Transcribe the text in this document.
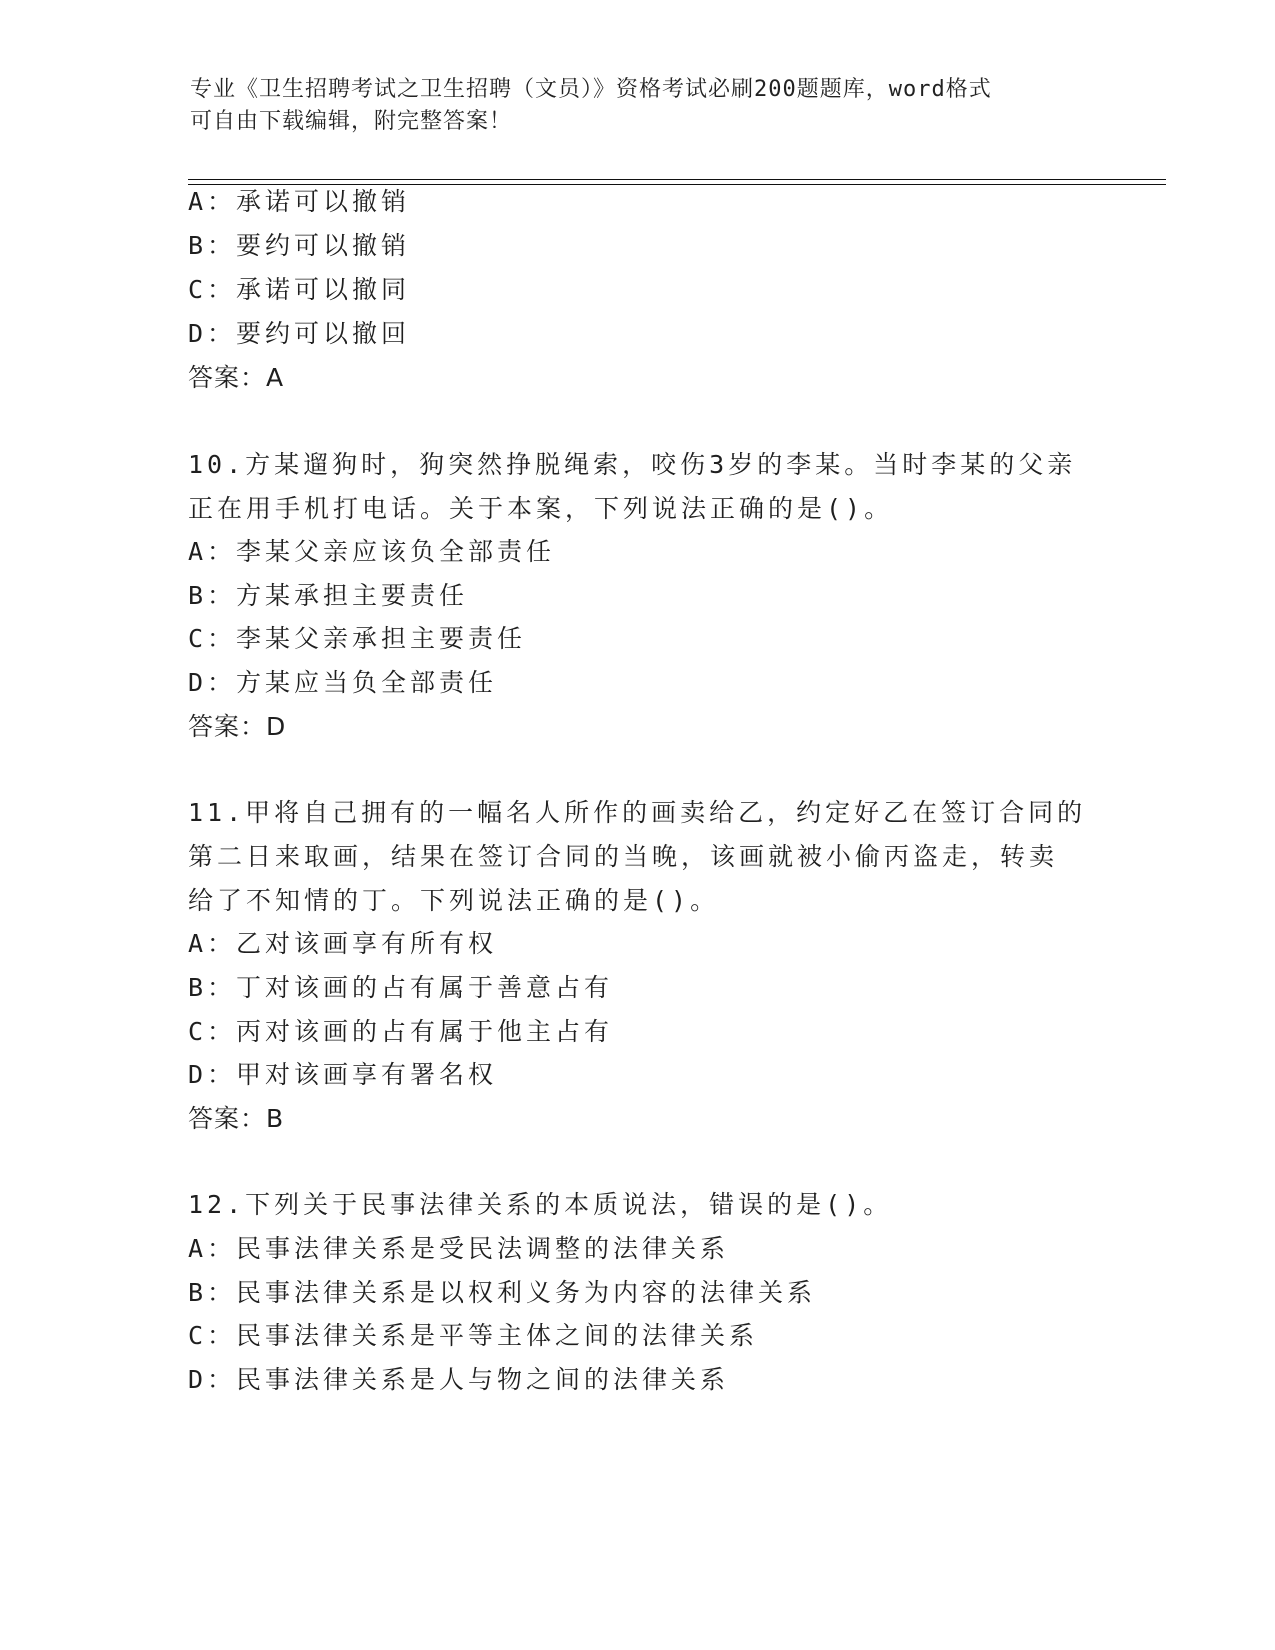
专业《卫生招聘考试之卫生招聘（文员）》资格考试必刷200题题库，word格式
可自由下载编辑，附完整答案！
A：承诺可以撤销
B：要约可以撤销
C：承诺可以撤同
D：要约可以撤回
答案：A
10.方某遛狗时，狗突然挣脱绳索，咬伤3岁的李某。当时李某的父亲
正在用手机打电话。关于本案，下列说法正确的是()。
A：李某父亲应该负全部责任
B：方某承担主要责任
C：李某父亲承担主要责任
D：方某应当负全部责任
答案：D
11.甲将自己拥有的一幅名人所作的画卖给乙，约定好乙在签订合同的
第二日来取画，结果在签订合同的当晚，该画就被小偷丙盗走，转卖
给了不知情的丁。下列说法正确的是()。
A：乙对该画享有所有权
B：丁对该画的占有属于善意占有
C：丙对该画的占有属于他主占有
D：甲对该画享有署名权
答案：B
12.下列关于民事法律关系的本质说法，错误的是()。
A：民事法律关系是受民法调整的法律关系
B：民事法律关系是以权利义务为内容的法律关系
C：民事法律关系是平等主体之间的法律关系
D：民事法律关系是人与物之间的法律关系
